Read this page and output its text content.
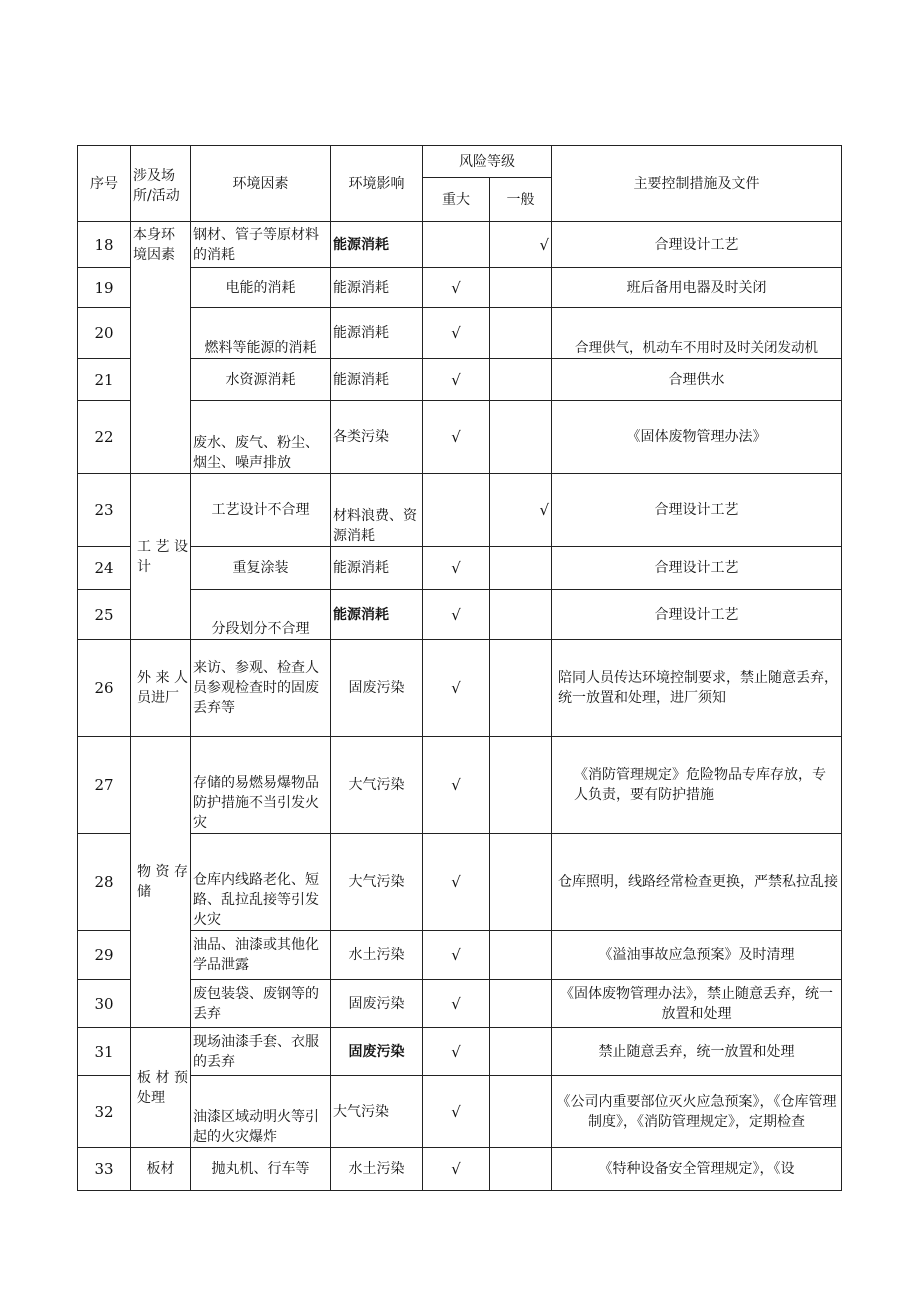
序号	涉及场所/活动	环境因素	环境影响	风险等级		主要控制措施及文件
				重大	一般	
18	本身环境因素	钢材、管子等原材料的消耗	能源消耗		√	合理设计工艺
19		电能的消耗	能源消耗	√		班后备用电器及时关闭
20		燃料等能源的消耗	能源消耗	√		合理供气，机动车不用时及时关闭发动机
21		水资源消耗	能源消耗	√		合理供水
22		废水、废气、粉尘、烟尘、噪声排放	各类污染	√		《固体废物管理办法》
23	工艺设计	工艺设计不合理	材料浪费、资源消耗		√	合理设计工艺
24		重复涂装	能源消耗	√		合理设计工艺
25		分段划分不合理	能源消耗	√		合理设计工艺
26	外来人员进厂	来访、参观、检查人员参观检查时的固废丢弃等	固废污染	√		陪同人员传达环境控制要求，禁止随意丢弃，统一放置和处理，进厂须知
27	物资存储	存储的易燃易爆物品防护措施不当引发火灾	大气污染	√		《消防管理规定》危险物品专库存放，专人负责，要有防护措施
28		仓库内线路老化、短路、乱拉乱接等引发火灾	大气污染	√		仓库照明，线路经常检查更换，严禁私拉乱接
29		油品、油漆或其他化学品泄露	水土污染	√		《溢油事故应急预案》及时清理
30		废包装袋、废钢等的丢弃	固废污染	√		《固体废物管理办法》，禁止随意丢弃，统一放置和处理
31	板材预处理	现场油漆手套、衣服的丢弃	固废污染	√		禁止随意丢弃，统一放置和处理
32		油漆区域动明火等引起的火灾爆炸	大气污染	√		《公司内重要部位灭火应急预案》，《仓库管理制度》，《消防管理规定》，定期检查
33	板材	抛丸机、行车等	水土污染	√		《特种设备安全管理规定》，《设
